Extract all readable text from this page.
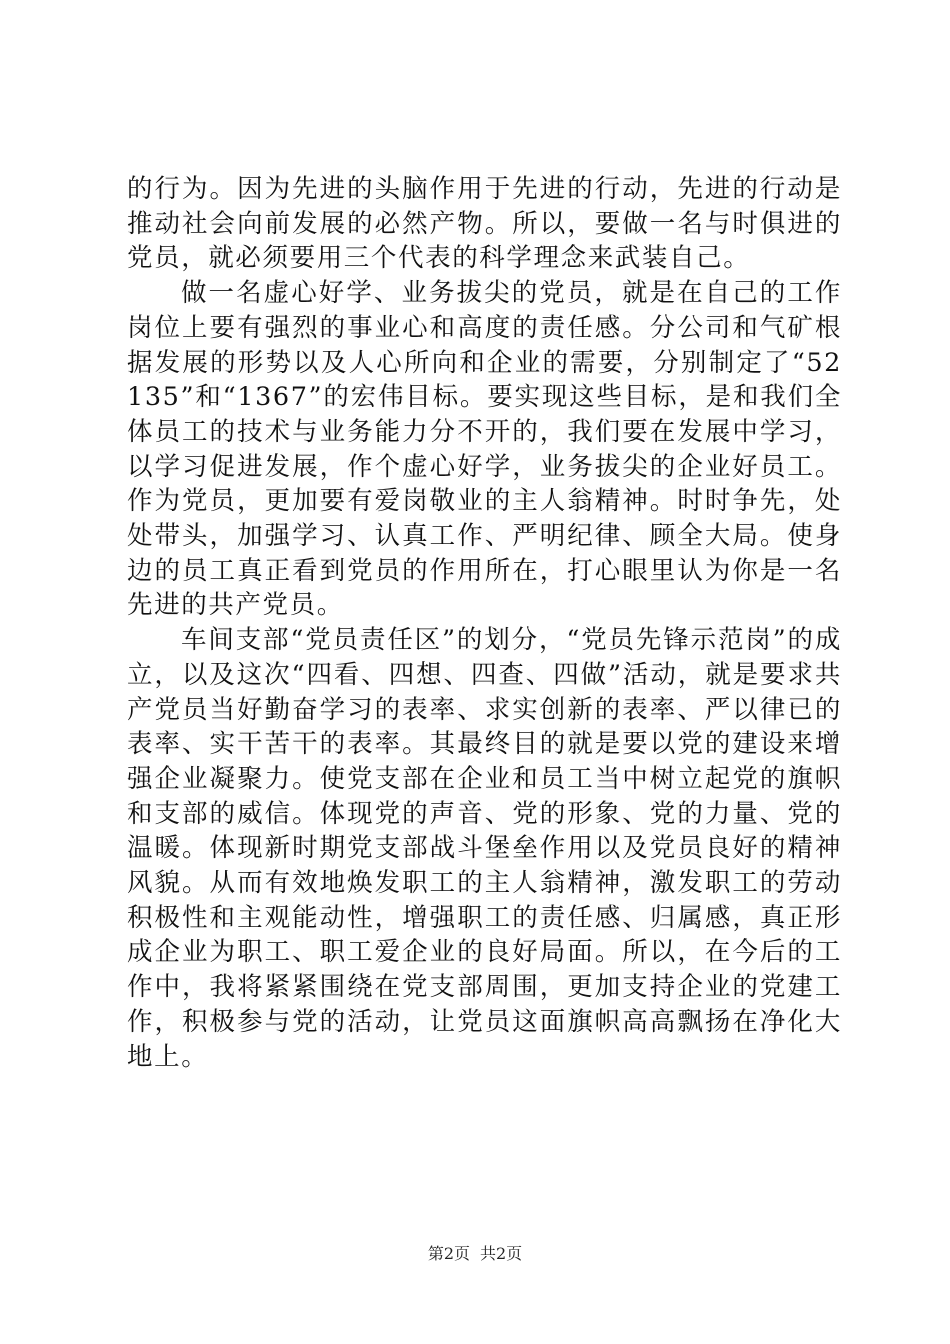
的行为。因为先进的头脑作用于先进的行动，先进的行动是推动社会向前发展的必然产物。所以，要做一名与时俱进的党员，就必须要用三个代表的科学理念来武装自己。

做一名虚心好学、业务拔尖的党员，就是在自己的工作岗位上要有强烈的事业心和高度的责任感。分公司和气矿根据发展的形势以及人心所向和企业的需要，分别制定了“52135”和“1367”的宏伟目标。要实现这些目标，是和我们全体员工的技术与业务能力分不开的，我们要在发展中学习，以学习促进发展，作个虚心好学，业务拔尖的企业好员工。作为党员，更加要有爱岗敬业的主人翁精神。时时争先，处处带头，加强学习、认真工作、严明纪律、顾全大局。使身边的员工真正看到党员的作用所在，打心眼里认为你是一名先进的共产党员。

车间支部“党员责任区”的划分，“党员先锋示范岗”的成立，以及这次“四看、四想、四查、四做”活动，就是要求共产党员当好勤奋学习的表率、求实创新的表率、严以律已的表率、实干苦干的表率。其最终目的就是要以党的建设来增强企业凝聚力。使党支部在企业和员工当中树立起党的旗帜和支部的威信。体现党的声音、党的形象、党的力量、党的温暖。体现新时期党支部战斗堡垒作用以及党员良好的精神风貌。从而有效地焕发职工的主人翁精神，激发职工的劳动积极性和主观能动性，增强职工的责任感、归属感，真正形成企业为职工、职工爱企业的良好局面。所以，在今后的工作中，我将紧紧围绕在党支部周围，更加支持企业的党建工作，积极参与党的活动，让党员这面旗帜高高飘扬在净化大地上。

第2页 共2页
